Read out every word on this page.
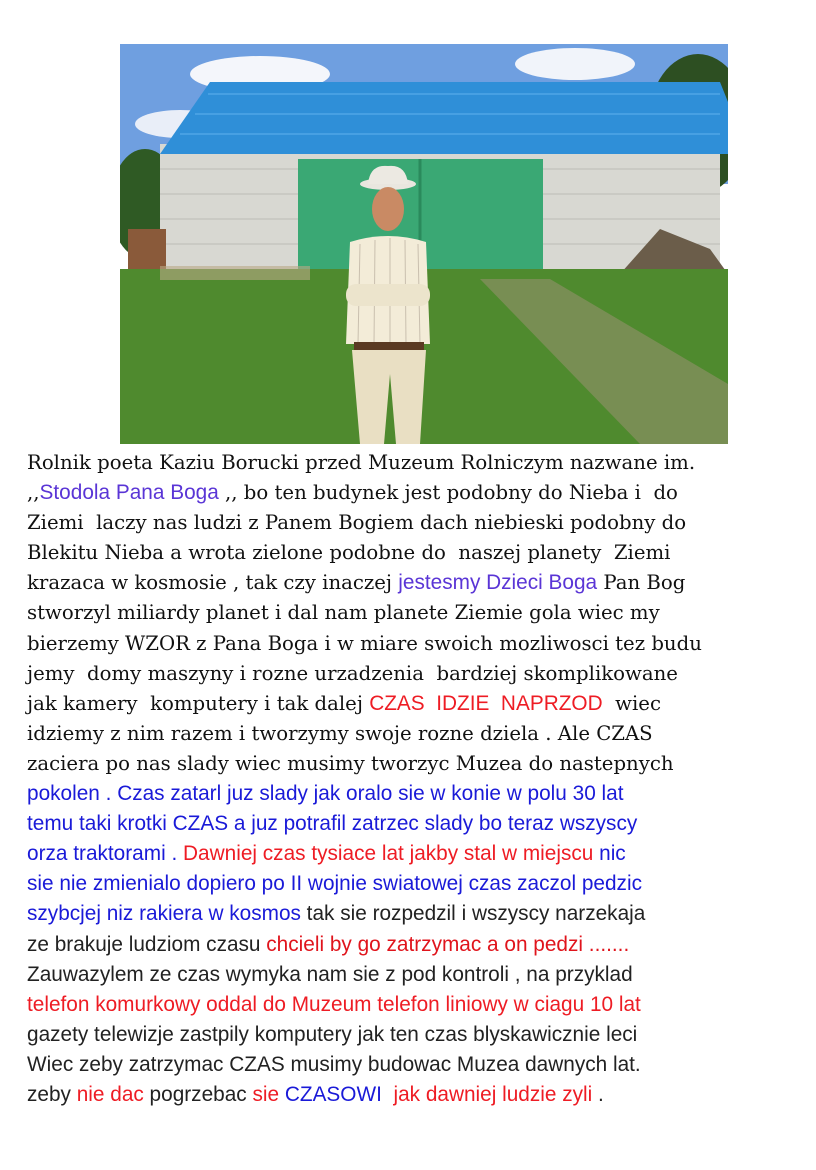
Rolnik poeta Kaziu Borucki przed Muzeum Rolniczym nazwane im.
,,Stodola Pana Boga ,, bo ten budynek jest podobny do Nieba i  do
Ziemi  laczy nas ludzi z Panem Bogiem dach niebieski podobny do
Blekitu Nieba a wrota zielone podobne do  naszej planety  Ziemi
krazaca w kosmosie , tak czy inaczej jestesmy Dzieci Boga Pan Bog
stworzyl miliardy planet i dal nam planete Ziemie gola wiec my
bierzemy WZOR z Pana Boga i w miare swoich mozliwosci tez budu
jemy  domy maszyny i rozne urzadzenia  bardziej skomplikowane
jak kamery  komputery i tak dalej CZAS  IDZIE  NAPRZOD  wiec
idziemy z nim razem i tworzymy swoje rozne dziela . Ale CZAS
zaciera po nas slady wiec musimy tworzyc Muzea do nastepnych
pokolen . Czas zatarl juz slady jak oralo sie w konie w polu 30 lat
temu taki krotki CZAS a juz potrafil zatrzec slady bo teraz wszyscy
orza traktorami . Dawniej czas tysiace lat jakby stal w miejscu nic
sie nie zmienialo dopiero po II wojnie swiatowej czas zaczol pedzic
szybcjej niz rakiera w kosmos tak sie rozpedzil i wszyscy narzekaja
ze brakuje ludziom czasu chcieli by go zatrzymac a on pedzi .......
Zauwazylem ze czas wymyka nam sie z pod kontroli , na przyklad
telefon komurkowy oddal do Muzeum telefon liniowy w ciagu 10 lat
gazety telewizje zastpily komputery jak ten czas blyskawicznie leci
Wiec zeby zatrzymac CZAS musimy budowac Muzea dawnych lat.
zeby nie dac pogrzebac sie CZASOWI  jak dawniej ludzie zyli .
